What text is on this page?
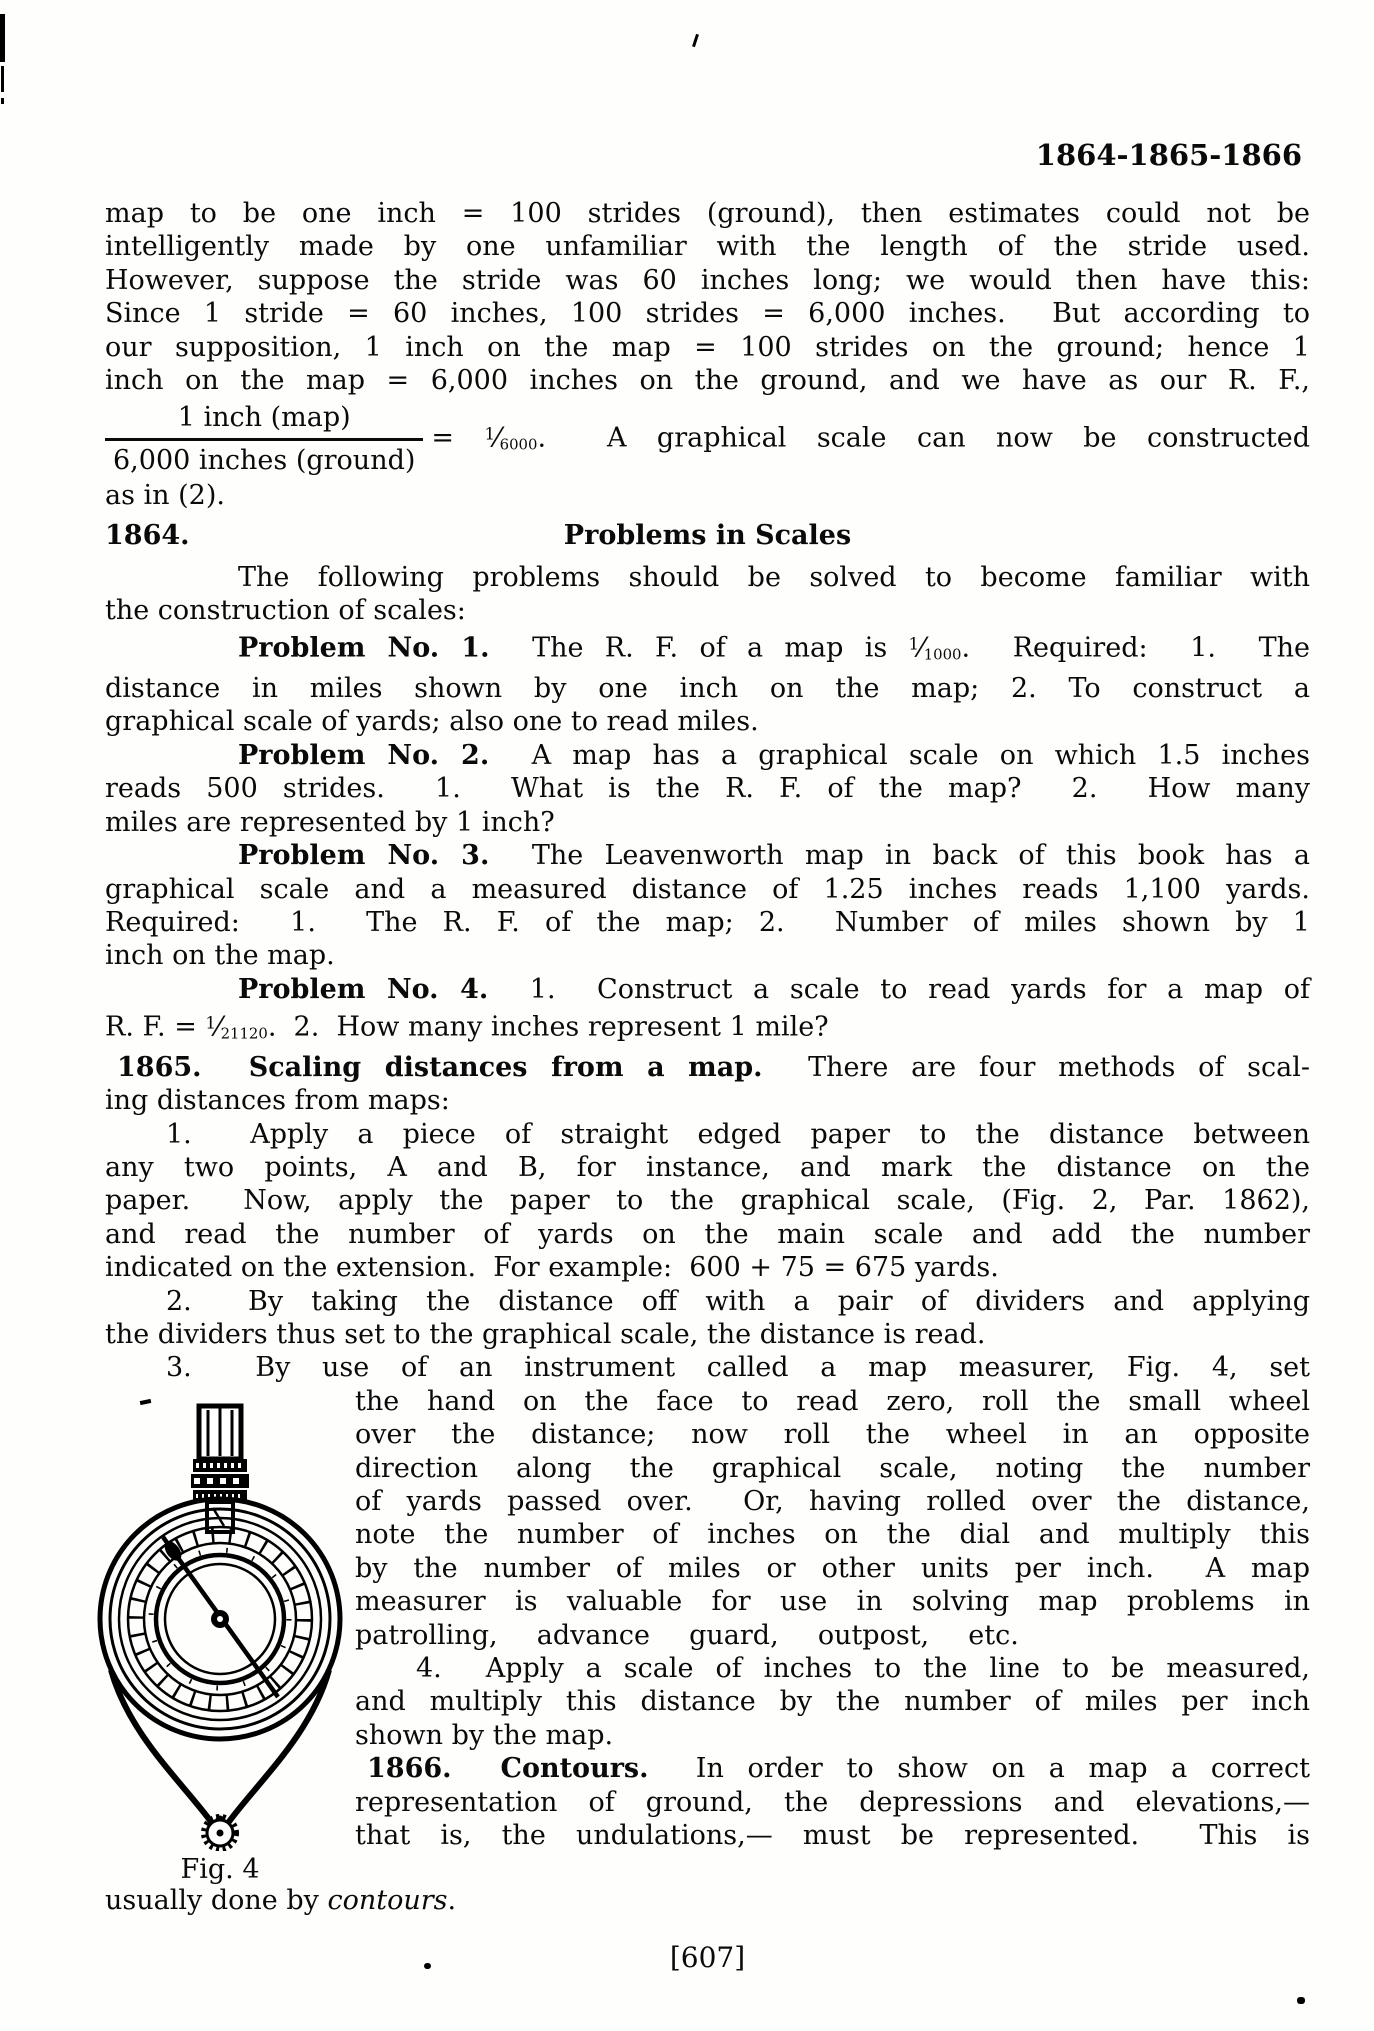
1864-1865-1866
map to be one inch = 100 strides (ground), then estimates could not be
intelligently made by one unfamiliar with the length of the stride used.
However, suppose the stride was 60 inches long; we would then have this:
Since 1 stride = 60 inches, 100 strides = 6,000 inches.  But according to
our supposition, 1 inch on the map = 100 strides on the ground; hence 1
inch on the map = 6,000 inches on the ground, and we have as our R. F.,
1 inch (map)
6,000 inches (ground)
= $^1⁄_{6000}$.  A graphical scale can now be constructed
as in (2).
1864.	Problems in Scales
The following problems should be solved to become familiar with
the construction of scales:
Problem No. 1.  The R. F. of a map is $^1⁄_{1000}$.  Required:  1.  The
distance in miles shown by one inch on the map; 2. To construct a
graphical scale of yards; also one to read miles.
Problem No. 2.  A map has a graphical scale on which 1.5 inches
reads 500 strides.  1.  What is the R. F. of the map?  2.  How many
miles are represented by 1 inch?
Problem No. 3.  The Leavenworth map in back of this book has a
graphical scale and a measured distance of 1.25 inches reads 1,100 yards.
Required:  1.  The R. F. of the map; 2.  Number of miles shown by 1
inch on the map.
Problem No. 4.  1.  Construct a scale to read yards for a map of
R. F. = $^1⁄_{21120}$.  2.  How many inches represent 1 mile?
1865.  Scaling distances from a map.  There are four methods of scal-
ing distances from maps:
1.  Apply a piece of straight edged paper to the distance between
any two points, A and B, for instance, and mark the distance on the
paper.  Now, apply the paper to the graphical scale, (Fig. 2, Par. 1862),
and read the number of yards on the main scale and add the number
indicated on the extension.  For example:  600 + 75 = 675 yards.
2.  By taking the distance off with a pair of dividers and applying
the dividers thus set to the graphical scale, the distance is read.
3.  By use of an instrument called a map measurer, Fig. 4, set
Fig. 4
the hand on the face to read zero, roll the small wheel
over the distance; now roll the wheel in an opposite
direction along the graphical scale, noting the number
of yards passed over.  Or, having rolled over the distance,
note the number of inches on the dial and multiply this
by the number of miles or other units per inch.  A map
measurer is valuable for use in solving map problems in
patrolling,  advance  guard,  outpost,  etc.
4.  Apply a scale of inches to the line to be measured,
and multiply this distance by the number of miles per inch
shown by the map.
1866.  Contours.  In order to show on a map a correct
representation of ground, the depressions and elevations,—
that is, the undulations,— must be represented.  This is
usually done by contours.
[607]
